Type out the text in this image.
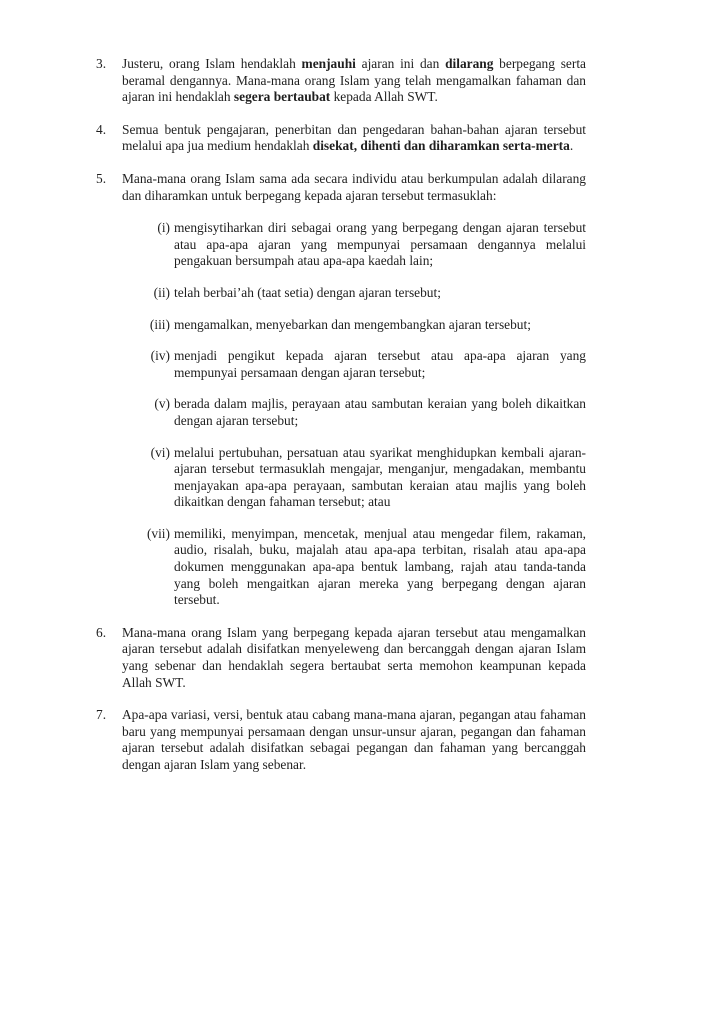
3.	Justeru, orang Islam hendaklah menjauhi ajaran ini dan dilarang berpegang serta beramal dengannya. Mana-mana orang Islam yang telah mengamalkan fahaman dan ajaran ini hendaklah segera bertaubat kepada Allah SWT.
4.	Semua bentuk pengajaran, penerbitan dan pengedaran bahan-bahan ajaran tersebut melalui apa jua medium hendaklah disekat, dihenti dan diharamkan serta-merta.
5.	Mana-mana orang Islam sama ada secara individu atau berkumpulan adalah dilarang dan diharamkan untuk berpegang kepada ajaran tersebut termasuklah:
(i) mengisytiharkan diri sebagai orang yang berpegang dengan ajaran tersebut atau apa-apa ajaran yang mempunyai persamaan dengannya melalui pengakuan bersumpah atau apa-apa kaedah lain;
(ii) telah berbai’ah (taat setia) dengan ajaran tersebut;
(iii) mengamalkan, menyebarkan dan mengembangkan ajaran tersebut;
(iv) menjadi pengikut kepada ajaran tersebut atau apa-apa ajaran yang mempunyai persamaan dengan ajaran tersebut;
(v) berada dalam majlis, perayaan atau sambutan keraian yang boleh dikaitkan dengan ajaran tersebut;
(vi) melalui pertubuhan, persatuan atau syarikat menghidupkan kembali ajaran-ajaran tersebut termasuklah mengajar, menganjur, mengadakan, membantu menjayakan apa-apa perayaan, sambutan keraian atau majlis yang boleh dikaitkan dengan fahaman tersebut; atau
(vii) memiliki, menyimpan, mencetak, menjual atau mengedar filem, rakaman, audio, risalah, buku, majalah atau apa-apa terbitan, risalah atau apa-apa dokumen menggunakan apa-apa bentuk lambang, rajah atau tanda-tanda yang boleh mengaitkan ajaran mereka yang berpegang dengan ajaran tersebut.
6.	Mana-mana orang Islam yang berpegang kepada ajaran tersebut atau mengamalkan ajaran tersebut adalah disifatkan menyeleweng dan bercanggah dengan ajaran Islam yang sebenar dan hendaklah segera bertaubat serta memohon keampunan kepada Allah SWT.
7.	Apa-apa variasi, versi, bentuk atau cabang mana-mana ajaran, pegangan atau fahaman baru yang mempunyai persamaan dengan unsur-unsur ajaran, pegangan dan fahaman ajaran tersebut adalah disifatkan sebagai pegangan dan fahaman yang bercanggah dengan ajaran Islam yang sebenar.
